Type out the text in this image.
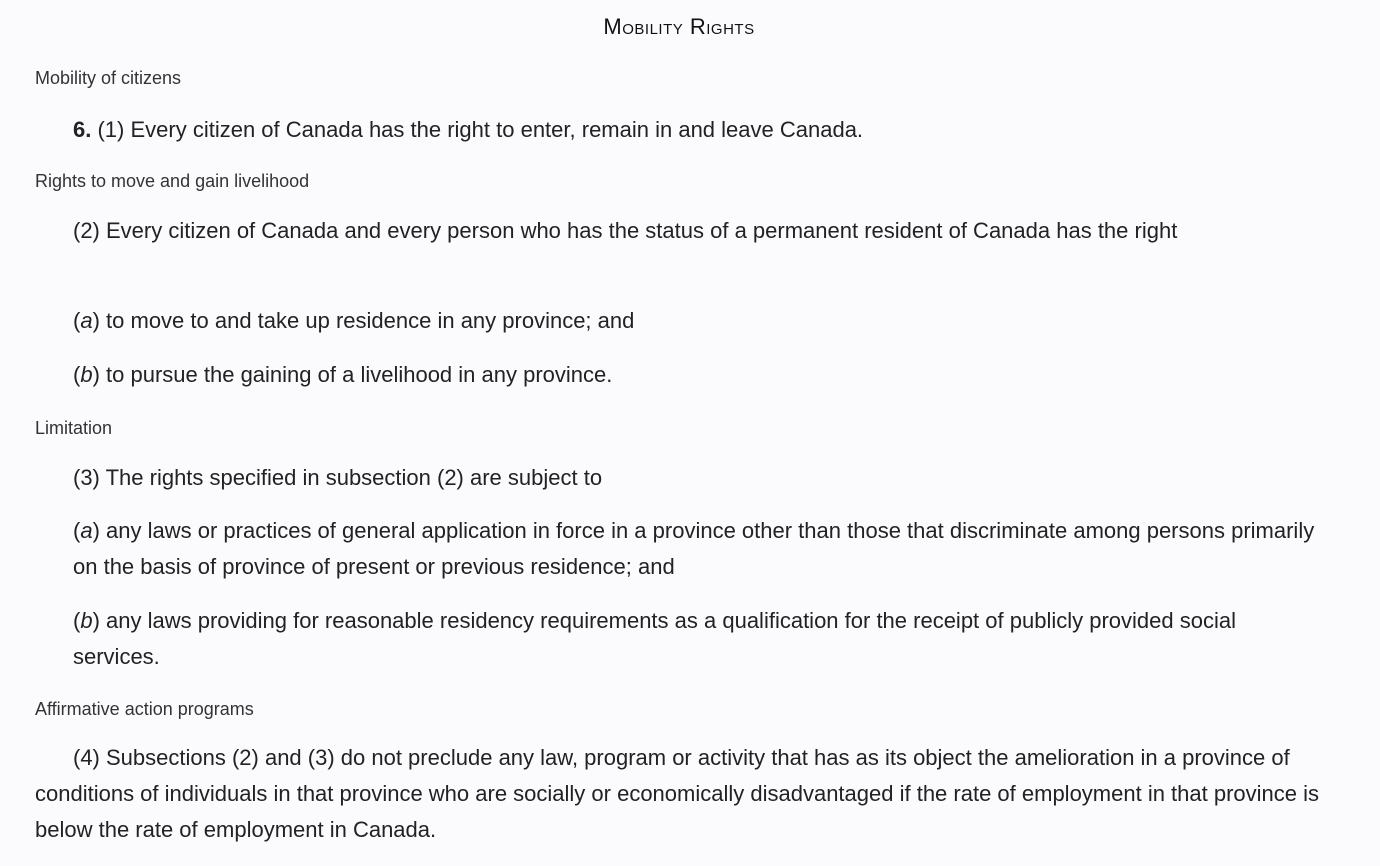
Mobility Rights

Mobility of citizens

6. (1) Every citizen of Canada has the right to enter, remain in and leave Canada.

Rights to move and gain livelihood

(2) Every citizen of Canada and every person who has the status of a permanent resident of Canada has the right

(a) to move to and take up residence in any province; and

(b) to pursue the gaining of a livelihood in any province.

Limitation

(3) The rights specified in subsection (2) are subject to

(a) any laws or practices of general application in force in a province other than those that discriminate among persons primarily on the basis of province of present or previous residence; and

(b) any laws providing for reasonable residency requirements as a qualification for the receipt of publicly provided social services.

Affirmative action programs

(4) Subsections (2) and (3) do not preclude any law, program or activity that has as its object the amelioration in a province of conditions of individuals in that province who are socially or economically disadvantaged if the rate of employment in that province is below the rate of employment in Canada.
